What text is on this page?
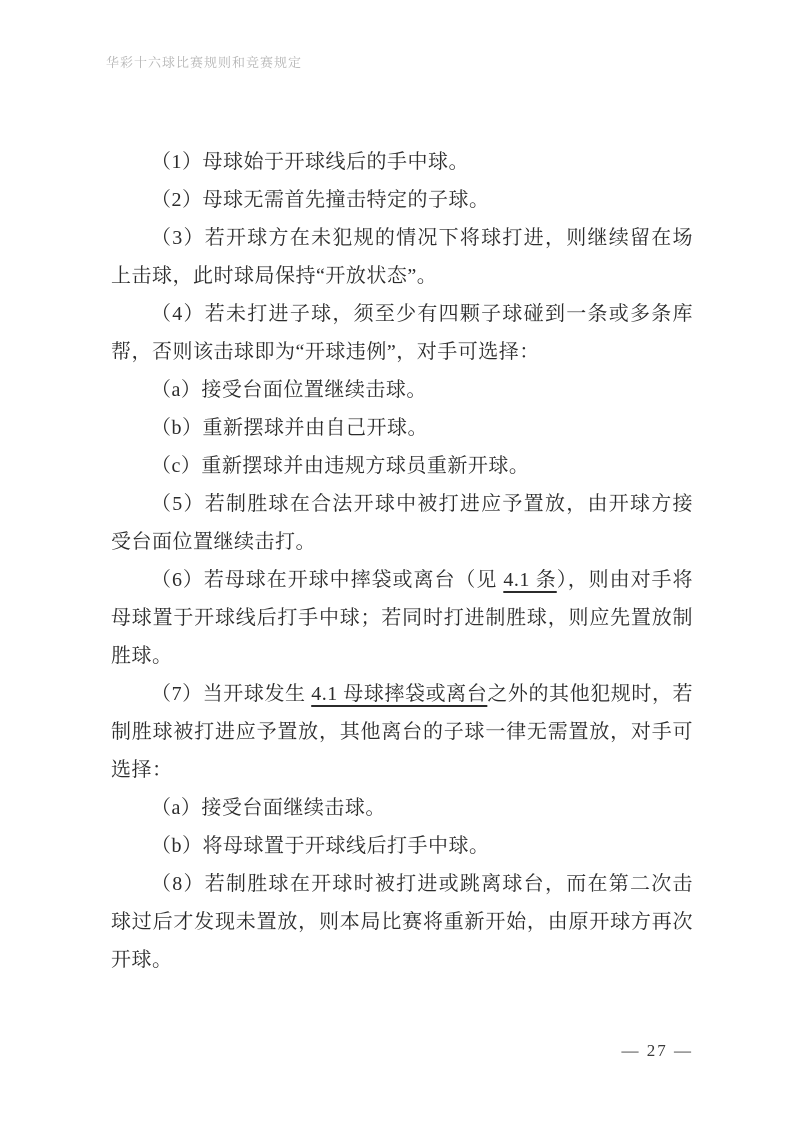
华彩十六球比赛规则和竞赛规定

（1）母球始于开球线后的手中球。

（2）母球无需首先撞击特定的子球。

（3）若开球方在未犯规的情况下将球打进，则继续留在场上击球，此时球局保持“开放状态”。

（4）若未打进子球，须至少有四颗子球碰到一条或多条库帮，否则该击球即为“开球违例”，对手可选择：

（a）接受台面位置继续击球。

（b）重新摆球并由自己开球。

（c）重新摆球并由违规方球员重新开球。

（5）若制胜球在合法开球中被打进应予置放，由开球方接受台面位置继续击打。

（6）若母球在开球中摔袋或离台（见 4.1 条），则由对手将母球置于开球线后打手中球；若同时打进制胜球，则应先置放制胜球。

（7）当开球发生 4.1 母球摔袋或离台之外的其他犯规时，若制胜球被打进应予置放，其他离台的子球一律无需置放，对手可选择：

（a）接受台面继续击球。

（b）将母球置于开球线后打手中球。

（8）若制胜球在开球时被打进或跳离球台，而在第二次击球过后才发现未置放，则本局比赛将重新开始，由原开球方再次开球。

— 27 —
